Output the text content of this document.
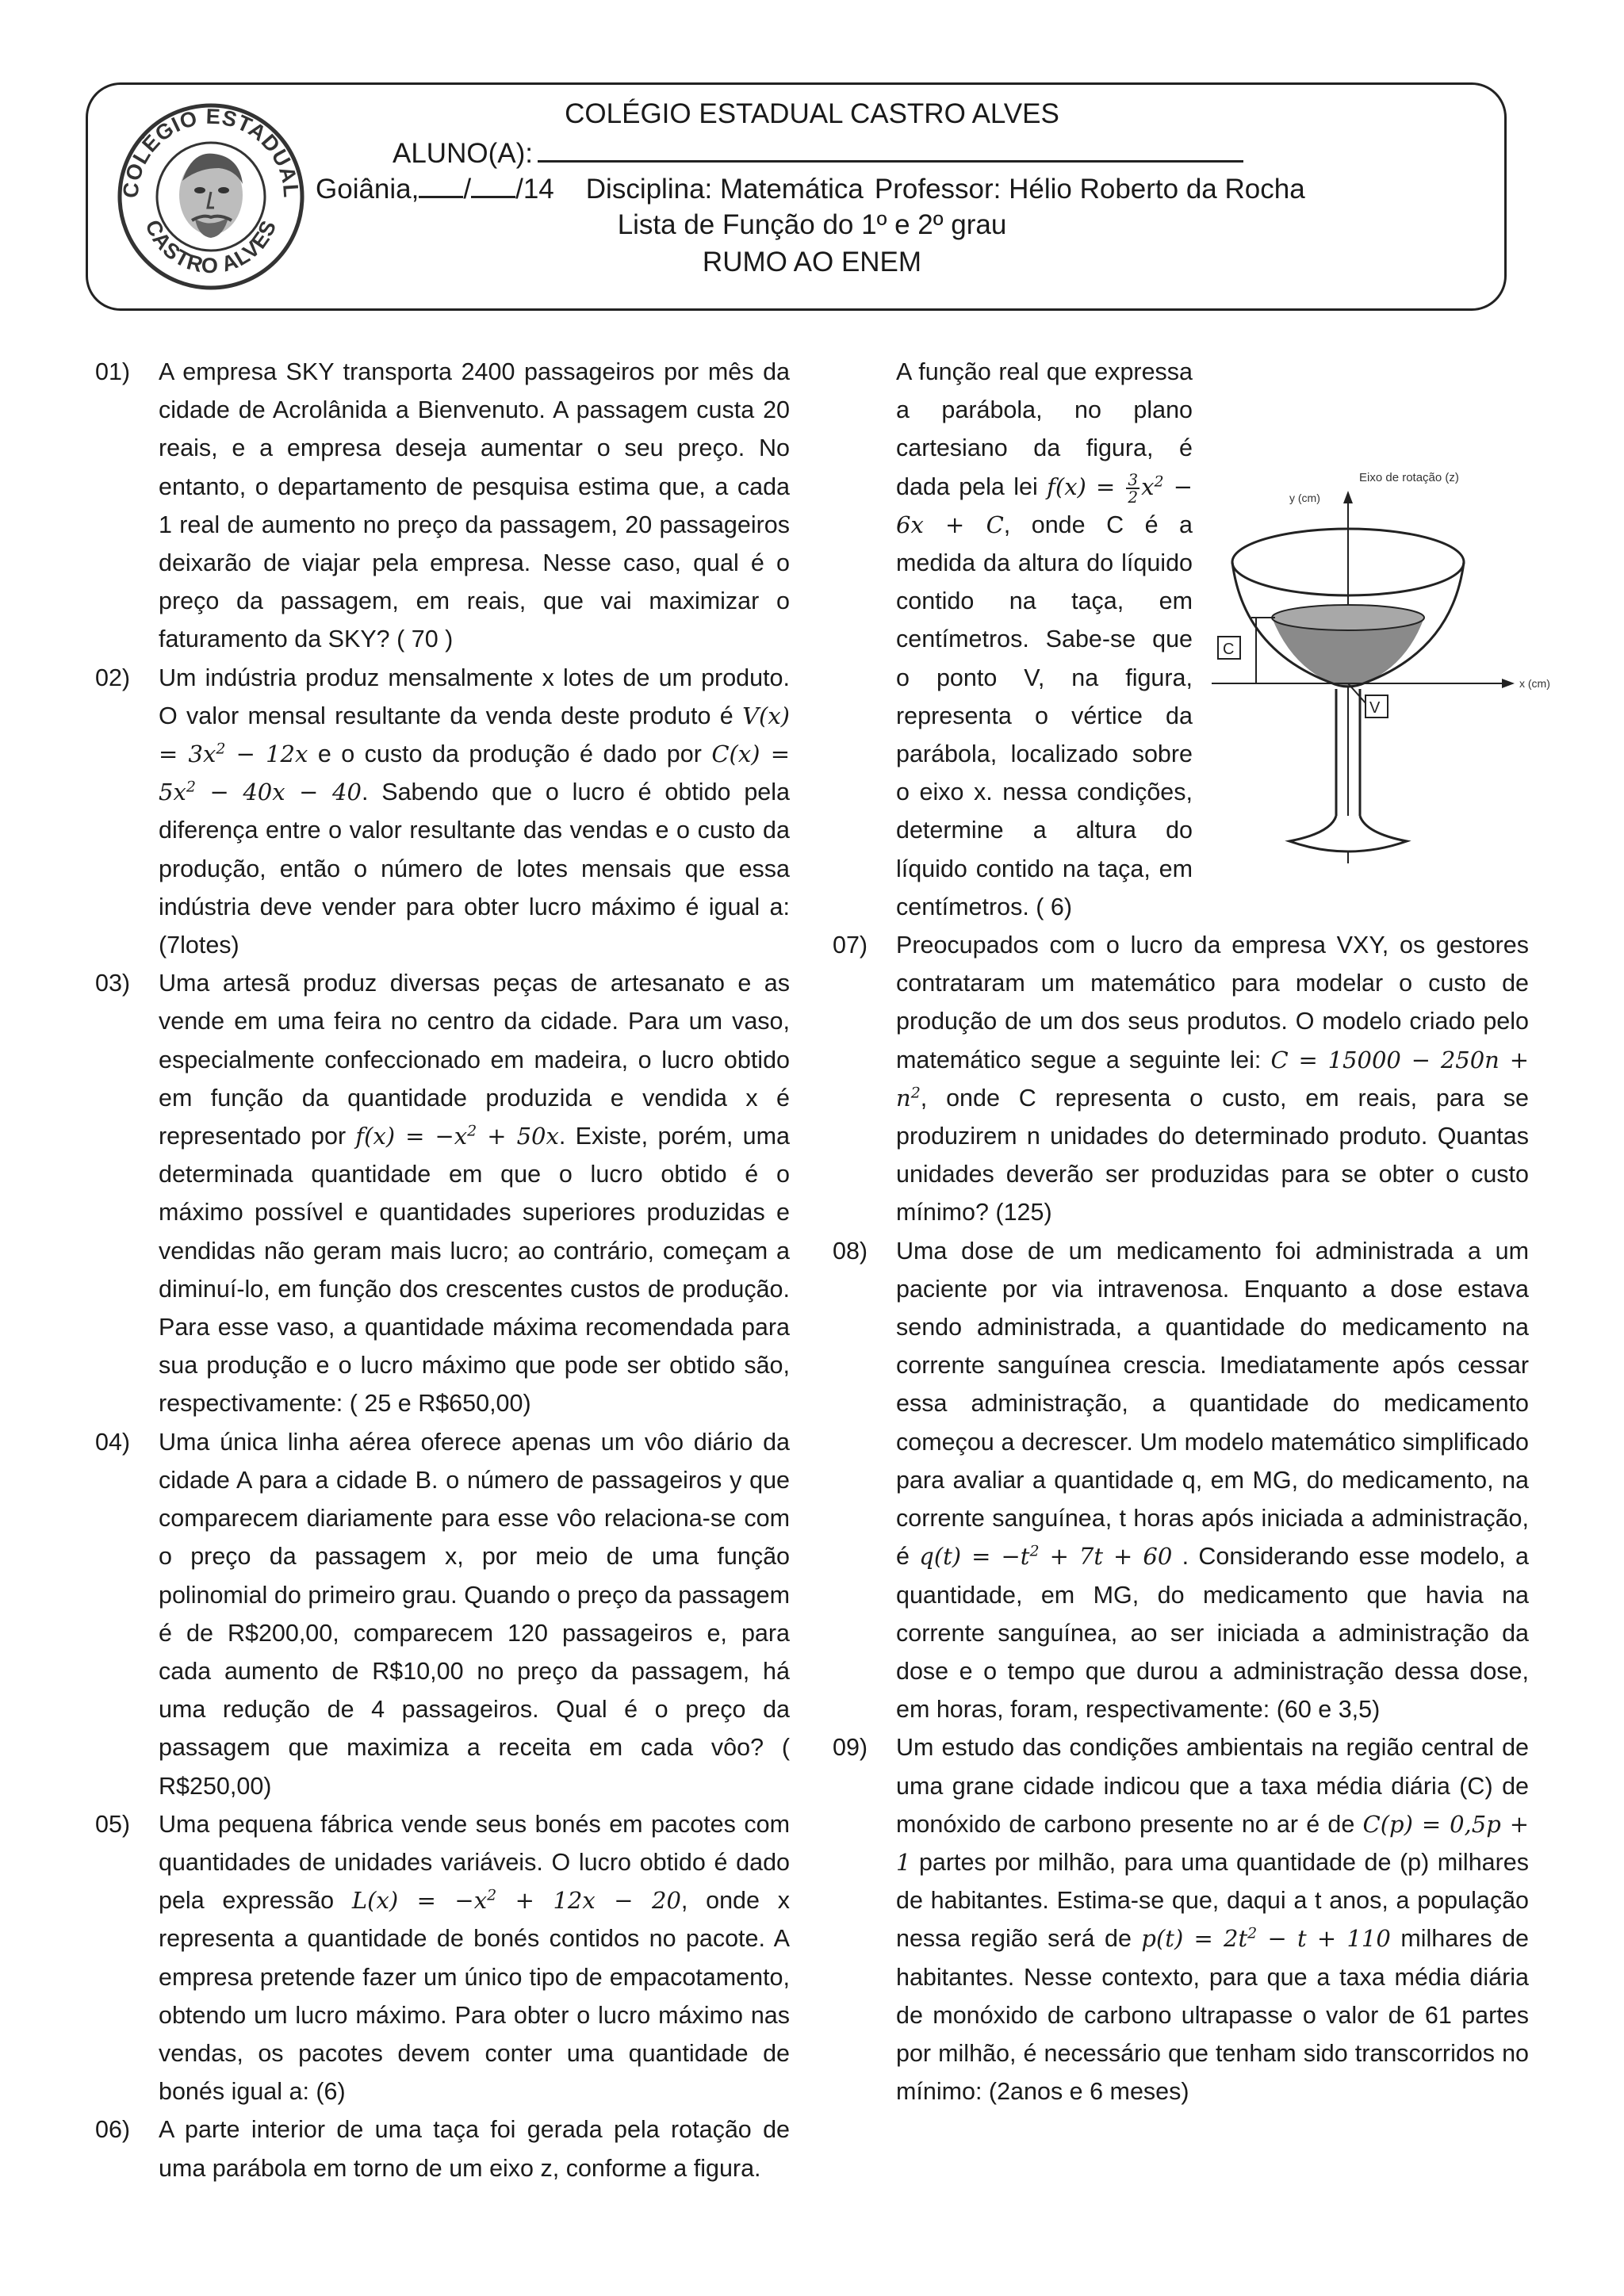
COLÉGIO ESTADUAL
CASTRO ALVES
COLÉGIO ESTADUAL CASTRO ALVES
ALUNO(A):
Goiânia,/ /14 Disciplina: Matemática Professor: Hélio Roberto da Rocha
Lista de Função do 1º e 2º grau
RUMO AO ENEM
01) A empresa SKY transporta 2400 passageiros por mês da cidade de Acrolânida a Bienvenuto. A passagem custa 20 reais, e a empresa deseja aumentar o seu preço. No entanto, o departamento de pesquisa estima que, a cada 1 real de aumento no preço da passagem, 20 passageiros deixarão de viajar pela empresa. Nesse caso, qual é o preço da passagem, em reais, que vai maximizar o faturamento da SKY? ( 70 )
02) Um indústria produz mensalmente x lotes de um produto. O valor mensal resultante da venda deste produto é $V(x) = 3x^2 - 12x$ e o custo da produção é dado por $C(x) = 5x^2 - 40x - 40$. Sabendo que o lucro é obtido pela diferença entre o valor resultante das vendas e o custo da produção, então o número de lotes mensais que essa indústria deve vender para obter lucro máximo é igual a: (7lotes)
03) Uma artesã produz diversas peças de artesanato e as vende em uma feira no centro da cidade. Para um vaso, especialmente confeccionado em madeira, o lucro obtido em função da quantidade produzida e vendida x é representado por $f(x) = -x^2 + 50x$. Existe, porém, uma determinada quantidade em que o lucro obtido é o máximo possível e quantidades superiores produzidas e vendidas não geram mais lucro; ao contrário, começam a diminuí-lo, em função dos crescentes custos de produção. Para esse vaso, a quantidade máxima recomendada para sua produção e o lucro máximo que pode ser obtido são, respectivamente: ( 25 e R$650,00)
04) Uma única linha aérea oferece apenas um vôo diário da cidade A para a cidade B. o número de passageiros y que comparecem diariamente para esse vôo relaciona-se com o preço da passagem x, por meio de uma função polinomial do primeiro grau. Quando o preço da passagem é de R$200,00, comparecem 120 passageiros e, para cada aumento de R$10,00 no preço da passagem, há uma redução de 4 passageiros. Qual é o preço da passagem que maximiza a receita em cada vôo? ( R$250,00)
05) Uma pequena fábrica vende seus bonés em pacotes com quantidades de unidades variáveis. O lucro obtido é dado pela expressão $L(x) = -x^2 + 12x - 20$, onde x representa a quantidade de bonés contidos no pacote. A empresa pretende fazer um único tipo de empacotamento, obtendo um lucro máximo. Para obter o lucro máximo nas vendas, os pacotes devem conter uma quantidade de bonés igual a: (6)
06) A parte interior de uma taça foi gerada pela rotação de uma parábola em torno de um eixo z, conforme a figura.

Eixo de rotação (z)
y (cm)
x (cm)
C
V
A função real que expressa a parábola, no plano cartesiano da figura, é dada pela lei $f(x) = \frac{3}{2} x^2 - 6x + C$, onde C é a medida da altura do líquido contido na taça, em centímetros. Sabe-se que o ponto V, na figura, representa o vértice da parábola, localizado sobre o eixo x. nessa condições, determine a altura do líquido contido na taça, em centímetros. ( 6)

07) Preocupados com o lucro da empresa VXY, os gestores contrataram um matemático para modelar o custo de produção de um dos seus produtos. O modelo criado pelo matemático segue a seguinte lei: $C = 15000 - 250n + n^2$, onde C representa o custo, em reais, para se produzirem n unidades do determinado produto. Quantas unidades deverão ser produzidas para se obter o custo mínimo? (125)
08) Uma dose de um medicamento foi administrada a um paciente por via intravenosa. Enquanto a dose estava sendo administrada, a quantidade do medicamento na corrente sanguínea crescia. Imediatamente após cessar essa administração, a quantidade do medicamento começou a decrescer. Um modelo matemático simplificado para avaliar a quantidade q, em MG, do medicamento, na corrente sanguínea, t horas após iniciada a administração, é $q(t) = -t^2 + 7t + 60$ . Considerando esse modelo, a quantidade, em MG, do medicamento que havia na corrente sanguínea, ao ser iniciada a administração da dose e o tempo que durou a administração dessa dose, em horas, foram, respectivamente: (60 e 3,5)
09) Um estudo das condições ambientais na região central de uma grane cidade indicou que a taxa média diária (C) de monóxido de carbono presente no ar é de C(p) = 0,5p + 1 partes por milhão, para uma quantidade de (p) milhares de habitantes. Estima-se que, daqui a t anos, a população nessa região será de $p(t) = 2t^2 - t + 110$ milhares de habitantes. Nesse contexto, para que a taxa média diária de monóxido de carbono ultrapasse o valor de 61 partes por milhão, é necessário que tenham sido transcorridos no mínimo: (2anos e 6 meses)
